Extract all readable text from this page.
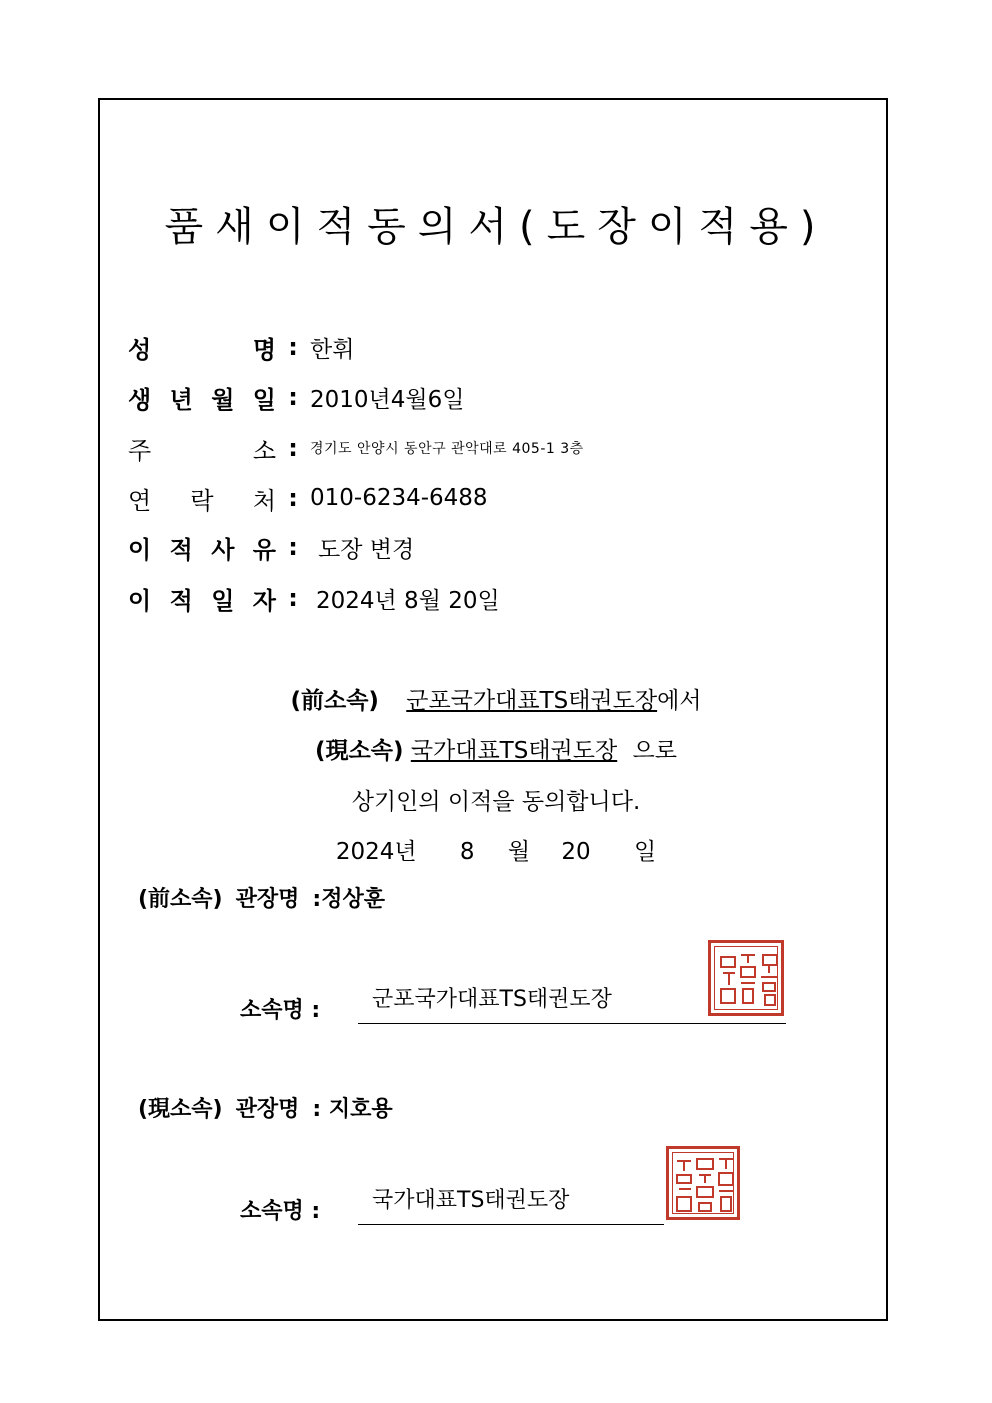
품새이적동의서(도장이적용)
성	명 : 한휘
생 년 월 일 : 2010년4월6일
주	소 : 경기도 안양시 동안구 관악대로 405-1 3층
연 락 처 : 010-6234-6488
이 적 사 유 : 도장 변경
이 적 일 자 : 2024년 8월 20일
(前소속) 군포국가대표TS태권도장에서
(現소속) 국가대표TS태권도장 으로
상기인의 이적을 동의합니다.
2024년 8 월 20 일
(前소속) 관장명 :정상훈
소속명 :	군포국가대표TS태권도장
(現소속) 관장명 : 지호용
소속명 :	국가대표TS태권도장
